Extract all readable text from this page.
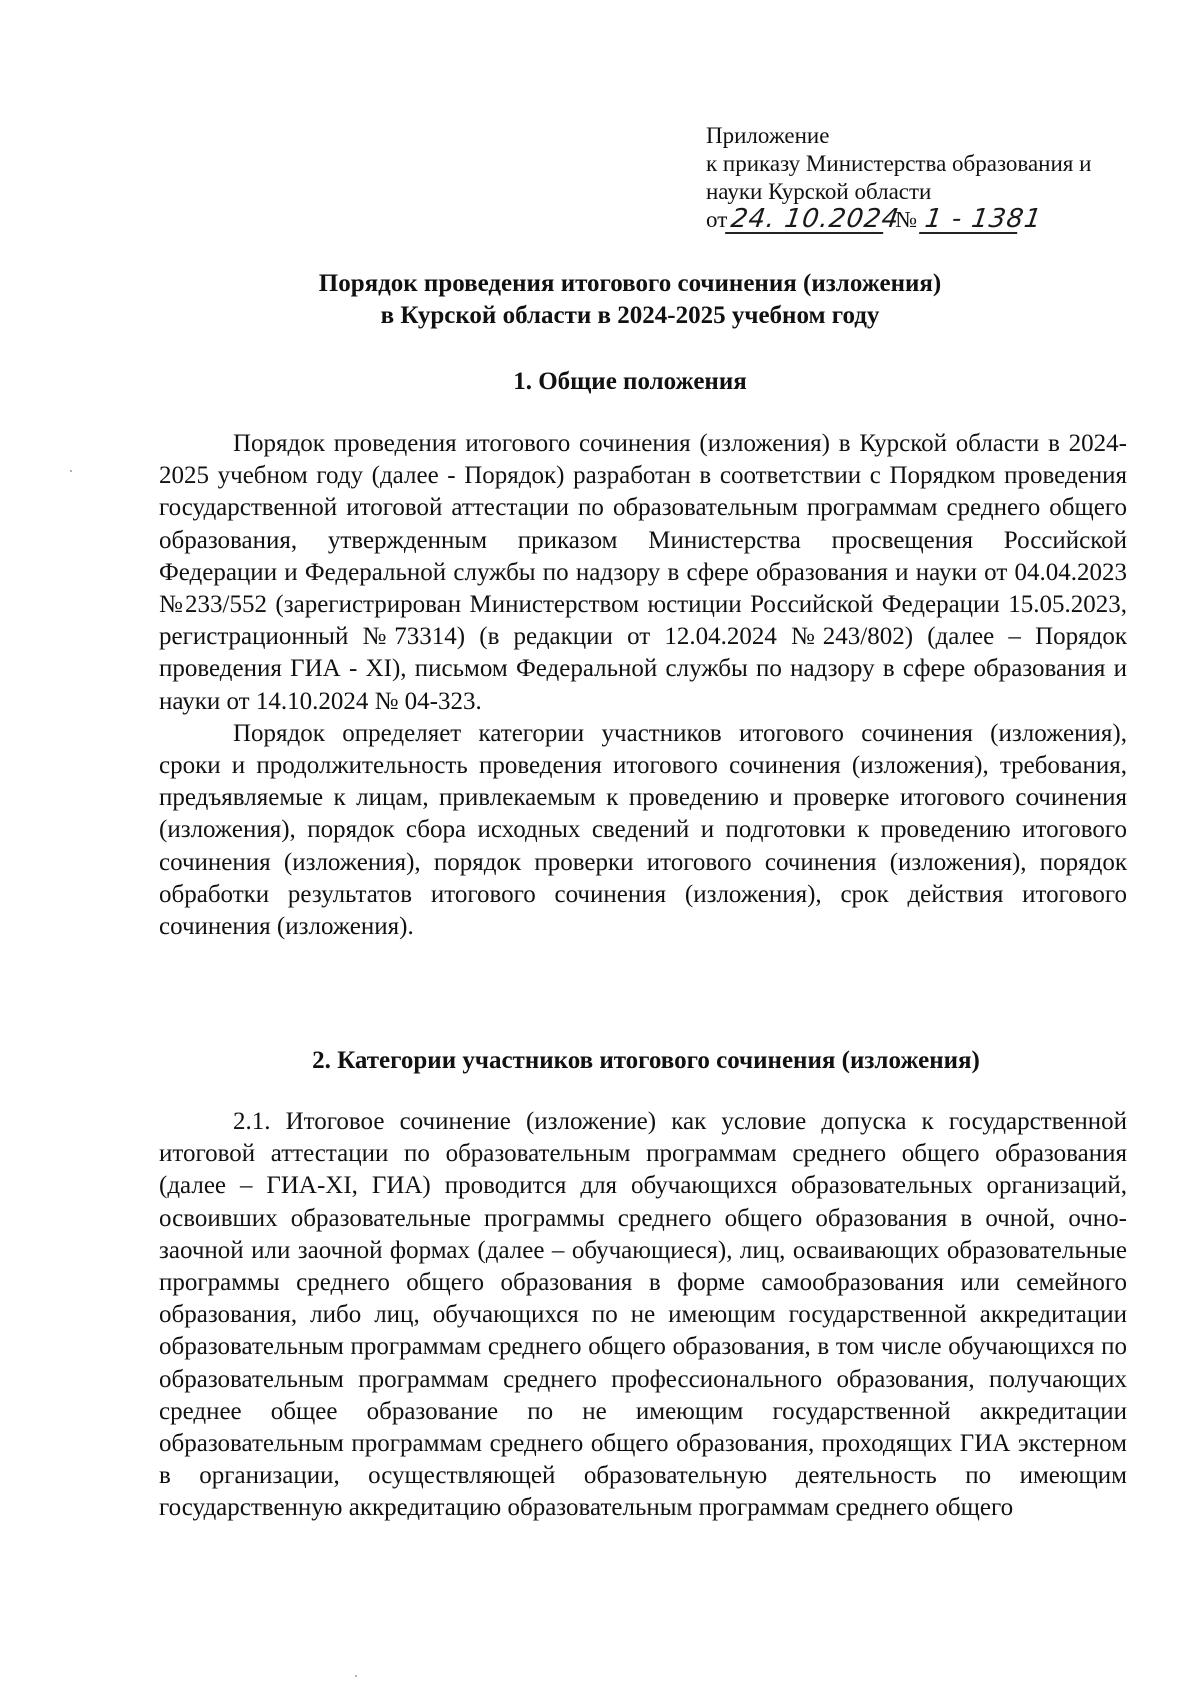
Приложение
к приказу Министерства образования и
науки Курской области
от24. 10.2024№ 1 - 1381
Порядок проведения итогового сочинения (изложения)
в Курской области в 2024-2025 учебном году
1. Общие положения

Порядок проведения итогового сочинения (изложения) в Курской области в 2024-2025 учебном году (далее - Порядок) разработан в соответствии с Порядком проведения государственной итоговой аттестации по образовательным программам среднего общего образования, утвержденным приказом Министерства просвещения Российской Федерации и Федеральной службы по надзору в сфере образования и науки от 04.04.2023 №233/552 (зарегистрирован Министерством юстиции Российской Федерации 15.05.2023, регистрационный №73314) (в редакции от 12.04.2024 №243/802) (далее – Порядок проведения ГИА - XI), письмом Федеральной службы по надзору в сфере образования и науки от 14.10.2024 № 04-323.

Порядок определяет категории участников итогового сочинения (изложения), сроки и продолжительность проведения итогового сочинения (изложения), требования, предъявляемые к лицам, привлекаемым к проведению и проверке итогового сочинения (изложения), порядок сбора исходных сведений и подготовки к проведению итогового сочинения (изложения), порядок проверки итогового сочинения (изложения), порядок обработки результатов итогового сочинения (изложения), срок действия итогового сочинения (изложения).

2. Категории участников итогового сочинения (изложения)

2.1. Итоговое сочинение (изложение) как условие допуска к государственной итоговой аттестации по образовательным программам среднего общего образования (далее – ГИА-XI, ГИА) проводится для обучающихся образовательных организаций, освоивших образовательные программы среднего общего образования в очной, очно-заочной или заочной формах (далее – обучающиеся), лиц, осваивающих образовательные программы среднего общего образования в форме самообразования или семейного образования, либо лиц, обучающихся по не имеющим государственной аккредитации образовательным программам среднего общего образования, в том числе обучающихся по образовательным программам среднего профессионального образования, получающих среднее общее образование по не имеющим государственной аккредитации образовательным программам среднего общего образования, проходящих ГИА экстерном в организации, осуществляющей образовательную деятельность по имеющим государственную аккредитацию образовательным программам среднего общего
